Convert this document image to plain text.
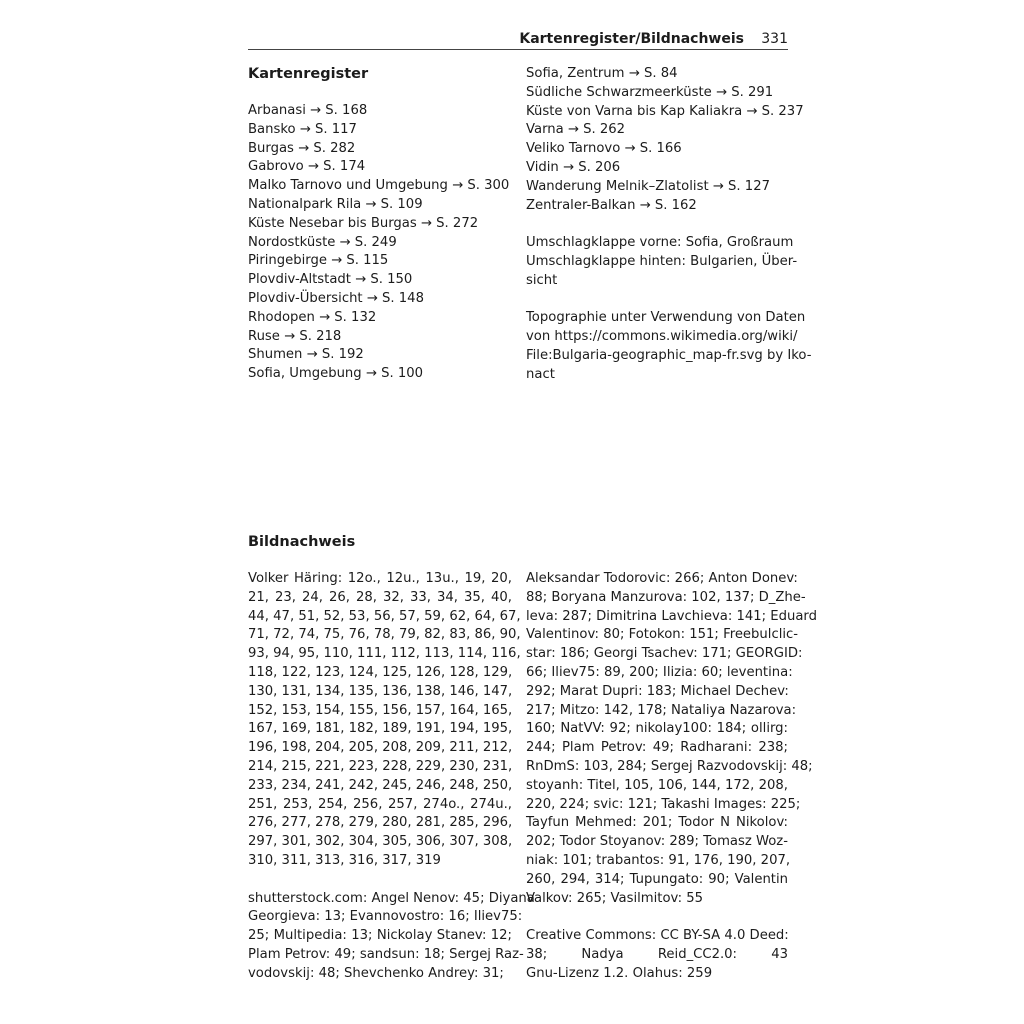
Kartenregister/Bildnachweis 331
Kartenregister
Arbanasi → S. 168
Bansko → S. 117
Burgas → S. 282
Gabrovo → S. 174
Malko Tarnovo und Umgebung → S. 300
Nationalpark Rila → S. 109
Küste Nesebar bis Burgas → S. 272
Nordostküste → S. 249
Piringebirge → S. 115
Plovdiv-Altstadt → S. 150
Plovdiv-Übersicht → S. 148
Rhodopen → S. 132
Ruse → S. 218
Shumen → S. 192
Sofia, Umgebung → S. 100
Sofia, Zentrum → S. 84
Südliche Schwarzmeerküste → S. 291
Küste von Varna bis Kap Kaliakra → S. 237
Varna → S. 262
Veliko Tarnovo → S. 166
Vidin → S. 206
Wanderung Melnik–Zlatolist → S. 127
Zentraler-Balkan → S. 162
Umschlagklappe vorne: Sofia, Großraum
Umschlagklappe hinten: Bulgarien, Über-
sicht
Topographie unter Verwendung von Daten
von https://commons.wikimedia.org/wiki/
File:Bulgaria-geographic_map-fr.svg by Iko-
nact
Bildnachweis
Volker Häring: 12o., 12u., 13u., 19, 20,
21, 23, 24, 26, 28, 32, 33, 34, 35, 40,
44, 47, 51, 52, 53, 56, 57, 59, 62, 64, 67,
71, 72, 74, 75, 76, 78, 79, 82, 83, 86, 90,
93, 94, 95, 110, 111, 112, 113, 114, 116,
118, 122, 123, 124, 125, 126, 128, 129,
130, 131, 134, 135, 136, 138, 146, 147,
152, 153, 154, 155, 156, 157, 164, 165,
167, 169, 181, 182, 189, 191, 194, 195,
196, 198, 204, 205, 208, 209, 211, 212,
214, 215, 221, 223, 228, 229, 230, 231,
233, 234, 241, 242, 245, 246, 248, 250,
251, 253, 254, 256, 257, 274o., 274u.,
276, 277, 278, 279, 280, 281, 285, 296,
297, 301, 302, 304, 305, 306, 307, 308,
310, 311, 313, 316, 317, 319
shutterstock.com: Angel Nenov: 45; Diyana
Georgieva: 13; Evannovostro: 16; Iliev75:
25; Multipedia: 13; Nickolay Stanev: 12;
Plam Petrov: 49; sandsun: 18; Sergej Raz-
vodovskij: 48; Shevchenko Andrey: 31;
Aleksandar Todorovic: 266; Anton Donev:
88; Boryana Manzurova: 102, 137; D_Zhe-
leva: 287; Dimitrina Lavchieva: 141; Eduard
Valentinov: 80; Fotokon: 151; Freebulclic-
star: 186; Georgi Tsachev: 171; GEORGID:
66; Iliev75: 89, 200; Ilizia: 60; leventina:
292; Marat Dupri: 183; Michael Dechev:
217; Mitzo: 142, 178; Nataliya Nazarova:
160; NatVV: 92; nikolay100: 184; ollirg:
244; Plam Petrov: 49; Radharani: 238;
RnDmS: 103, 284; Sergej Razvodovskij: 48;
stoyanh: Titel, 105, 106, 144, 172, 208,
220, 224; svic: 121; Takashi Images: 225;
Tayfun Mehmed: 201; Todor N Nikolov:
202; Todor Stoyanov: 289; Tomasz Woz-
niak: 101; trabantos: 91, 176, 190, 207,
260, 294, 314; Tupungato: 90; Valentin
Valkov: 265; Vasilmitov: 55
Creative Commons: CC BY-SA 4.0 Deed:
38; Nadya Reid_CC2.0: 43
Gnu-Lizenz 1.2. Olahus: 259
